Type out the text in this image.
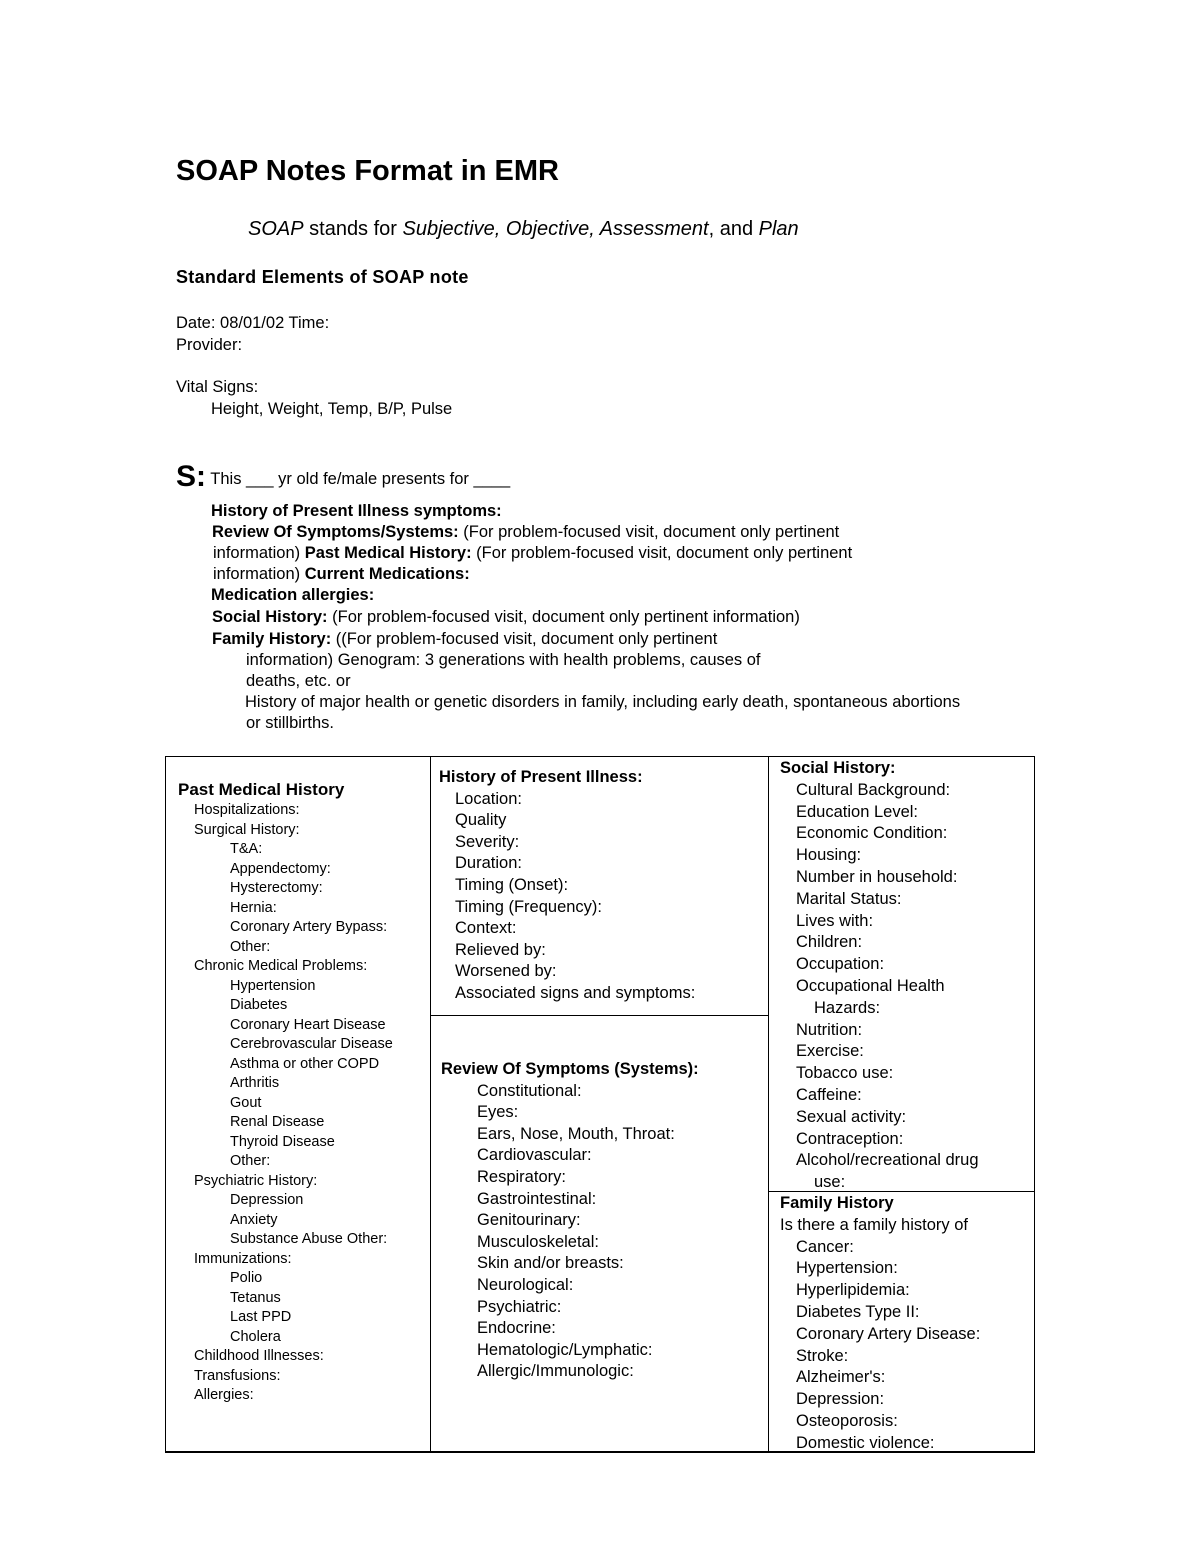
SOAP Notes Format in EMR
SOAP stands for Subjective, Objective, Assessment, and Plan
Standard Elements of SOAP note
Date: 08/01/02 Time:
Provider:
Vital Signs:
Height, Weight, Temp, B/P, Pulse
S: This ___ yr old fe/male presents for ____
History of Present Illness symptoms:
Review Of Symptoms/Systems: (For problem-focused visit, document only pertinent
information) Past Medical History: (For problem-focused visit, document only pertinent
information) Current Medications:
Medication allergies:
Social History: (For problem-focused visit, document only pertinent information)
Family History: ((For problem-focused visit, document only pertinent
information) Genogram: 3 generations with health problems, causes of
deaths, etc. or
History of major health or genetic disorders in family, including early death, spontaneous abortions
or stillbirths.
Past Medical History
Hospitalizations:
Surgical History:
T&A:
Appendectomy:
Hysterectomy:
Hernia:
Coronary Artery Bypass:
Other:
Chronic Medical Problems:
Hypertension
Diabetes
Coronary Heart Disease
Cerebrovascular Disease
Asthma or other COPD
Arthritis
Gout
Renal Disease
Thyroid Disease
Other:
Psychiatric History:
Depression
Anxiety
Substance Abuse Other:
Immunizations:
Polio
Tetanus
Last PPD
Cholera
Childhood Illnesses:
Transfusions:
Allergies:
History of Present Illness:
Location:
Quality
Severity:
Duration:
Timing (Onset):
Timing (Frequency):
Context:
Relieved by:
Worsened by:
Associated signs and symptoms:
Review Of Symptoms (Systems):
Constitutional:
Eyes:
Ears, Nose, Mouth, Throat:
Cardiovascular:
Respiratory:
Gastrointestinal:
Genitourinary:
Musculoskeletal:
Skin and/or breasts:
Neurological:
Psychiatric:
Endocrine:
Hematologic/Lymphatic:
Allergic/Immunologic:
Social History:
Cultural Background:
Education Level:
Economic Condition:
Housing:
Number in household:
Marital Status:
Lives with:
Children:
Occupation:
Occupational Health
Hazards:
Nutrition:
Exercise:
Tobacco use:
Caffeine:
Sexual activity:
Contraception:
Alcohol/recreational drug
use:
Family History
Is there a family history of
Cancer:
Hypertension:
Hyperlipidemia:
Diabetes Type II:
Coronary Artery Disease:
Stroke:
Alzheimer's:
Depression:
Osteoporosis:
Domestic violence:
